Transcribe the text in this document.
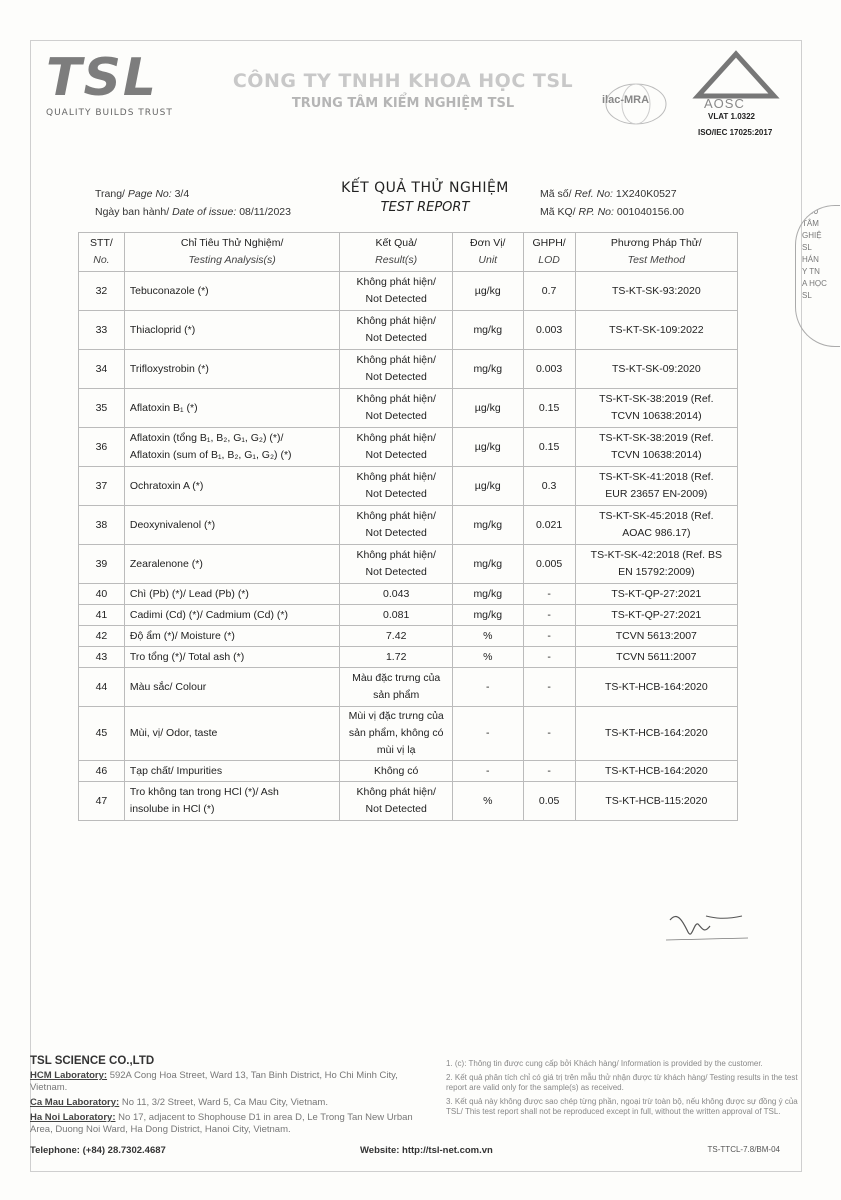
TSL
QUALITY BUILDS TRUST
CÔNG TY TNHH KHOA HỌC TSL
TRUNG TÂM KIỂM NGHIỆM TSL	ilac-MRA	AOSC
VLAT 1.0322
ISO/IEC 17025:2017
Trang/ Page No: 3/4
Ngày ban hành/ Date of issue: 08/11/2023
KẾT QUẢ THỬ NGHIỆM
TEST REPORT
Mã số/ Ref. No: 1X240K0527
Mã KQ/ RP. No: 001040156.00
STT/
No.	Chỉ Tiêu Thử Nghiệm/
Testing Analysis(s)	Kết Quả/
Result(s)	Đơn Vị/
Unit	GHPH/
LOD	Phương Pháp Thử/
Test Method
32	Tebuconazole (*)	Không phát hiện/
Not Detected	µg/kg	0.7	TS-KT-SK-93:2020
33	Thiacloprid (*)	Không phát hiện/
Not Detected	mg/kg	0.003	TS-KT-SK-109:2022
34	Trifloxystrobin (*)	Không phát hiện/
Not Detected	mg/kg	0.003	TS-KT-SK-09:2020
35	Aflatoxin B₁ (*)	Không phát hiện/
Not Detected	µg/kg	0.15	TS-KT-SK-38:2019 (Ref.
TCVN 10638:2014)
36	Aflatoxin (tổng B₁, B₂, G₁, G₂) (*)/
Aflatoxin (sum of B₁, B₂, G₁, G₂) (*)	Không phát hiện/
Not Detected	µg/kg	0.15	TS-KT-SK-38:2019 (Ref.
TCVN 10638:2014)
37	Ochratoxin A (*)	Không phát hiện/
Not Detected	µg/kg	0.3	TS-KT-SK-41:2018 (Ref.
EUR 23657 EN-2009)
38	Deoxynivalenol (*)	Không phát hiện/
Not Detected	mg/kg	0.021	TS-KT-SK-45:2018 (Ref.
AOAC 986.17)
39	Zearalenone (*)	Không phát hiện/
Not Detected	mg/kg	0.005	TS-KT-SK-42:2018 (Ref. BS
EN 15792:2009)
40	Chì (Pb) (*)/ Lead (Pb) (*)	0.043	mg/kg	-	TS-KT-QP-27:2021
41	Cadimi (Cd) (*)/ Cadmium (Cd) (*)	0.081	mg/kg	-	TS-KT-QP-27:2021
42	Độ ẩm (*)/ Moisture (*)	7.42	%	-	TCVN 5613:2007
43	Tro tổng (*)/ Total ash (*)	1.72	%	-	TCVN 5611:2007
44	Màu sắc/ Colour	Màu đặc trưng của
sản phẩm	-	-	TS-KT-HCB-164:2020
45	Mùi, vị/ Odor, taste	Mùi vị đặc trưng của
sản phẩm, không có
mùi vị lạ	-	-	TS-KT-HCB-164:2020
46	Tạp chất/ Impurities	Không có	-	-	TS-KT-HCB-164:2020
47	Tro không tan trong HCl (*)/ Ash
insolube in HCl (*)	Không phát hiện/
Not Detected	%	0.05	TS-KT-HCB-115:2020
5-00
TÂM
GHIỆ
SL
HÁN
Y TN
A HỌC
SL
TSL SCIENCE CO.,LTD
HCM Laboratory: 592A Cong Hoa Street, Ward 13, Tan Binh District, Ho Chi Minh City, Vietnam.
Ca Mau Laboratory: No 11, 3/2 Street, Ward 5, Ca Mau City, Vietnam.
Ha Noi Laboratory: No 17, adjacent to Shophouse D1 in area D, Le Trong Tan New Urban Area, Duong Noi Ward, Ha Dong District, Hanoi City, Vietnam.
1. (c): Thông tin được cung cấp bởi Khách hàng/ Information is provided by the customer.
2. Kết quả phân tích chỉ có giá trị trên mẫu thử nhận được từ khách hàng/ Testing results in the test report are valid only for the sample(s) as received.
3. Kết quả này không được sao chép từng phần, ngoại trừ toàn bộ, nếu không được sự đồng ý của TSL/ This test report shall not be reproduced except in full, without the written approval of TSL.
Telephone: (+84) 28.7302.4687	Website: http://tsl-net.com.vn	TS-TTCL-7.8/BM-04
